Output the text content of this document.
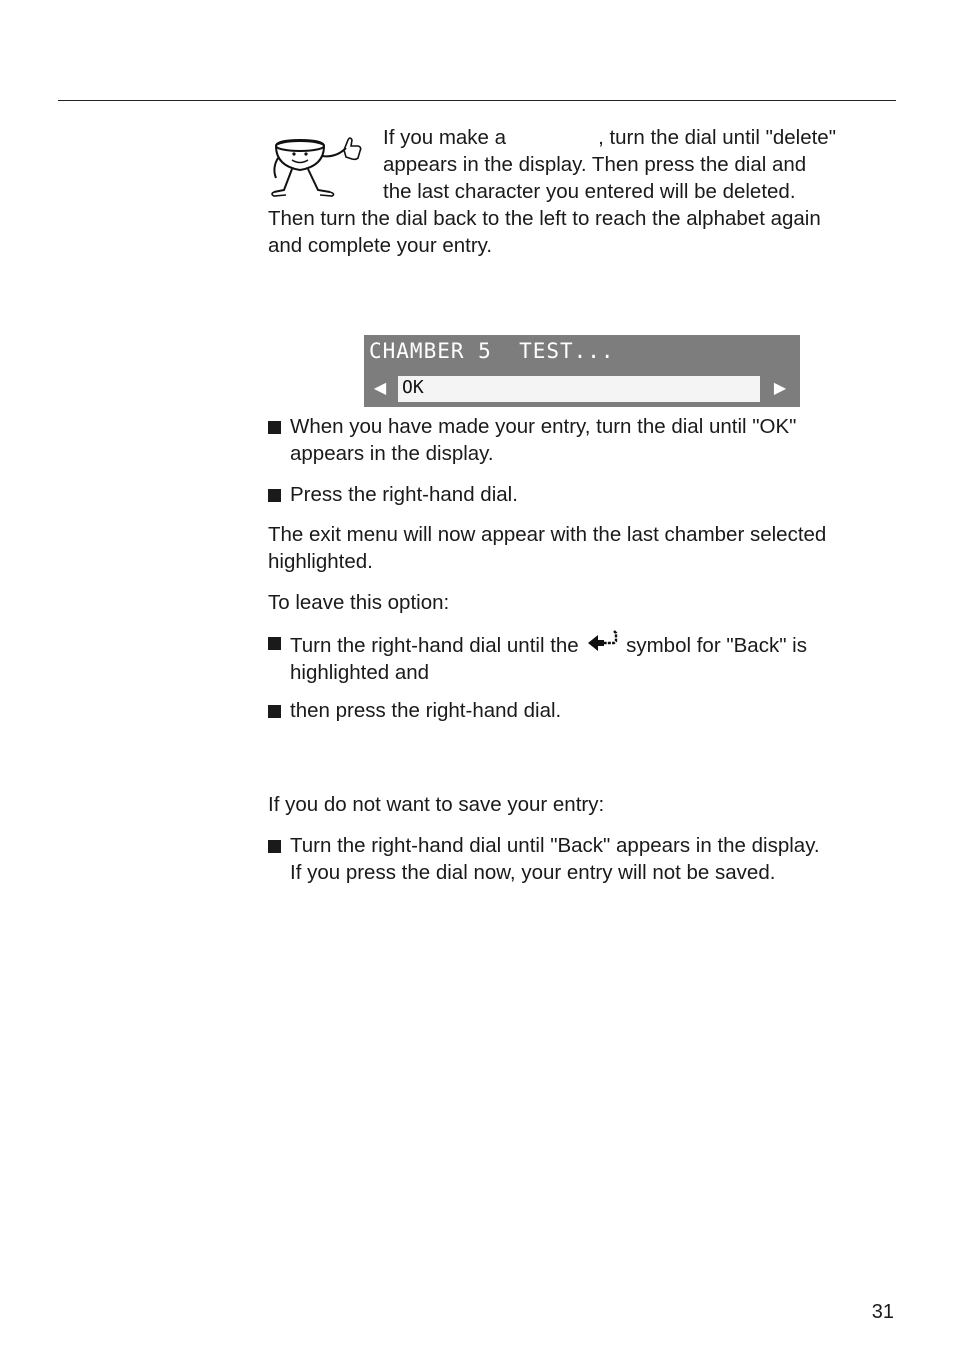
If you make a	, turn the dial until "delete"
appears in the display. Then press the dial and
the last character you entered will be deleted.
Then turn the dial back to the left to reach the alphabet again
and complete your entry.
CHAMBER 5  TEST...
◀ OK	▶
When you have made your entry, turn the dial until "OK"
appears in the display.
Press the right-hand dial.
The exit menu will now appear with the last chamber selected
highlighted.
To leave this option:
Turn the right-hand dial until the symbol for "Back" is
highlighted and
then press the right-hand dial.
If you do not want to save your entry:
Turn the right-hand dial until "Back" appears in the display.
If you press the dial now, your entry will not be saved.
31
